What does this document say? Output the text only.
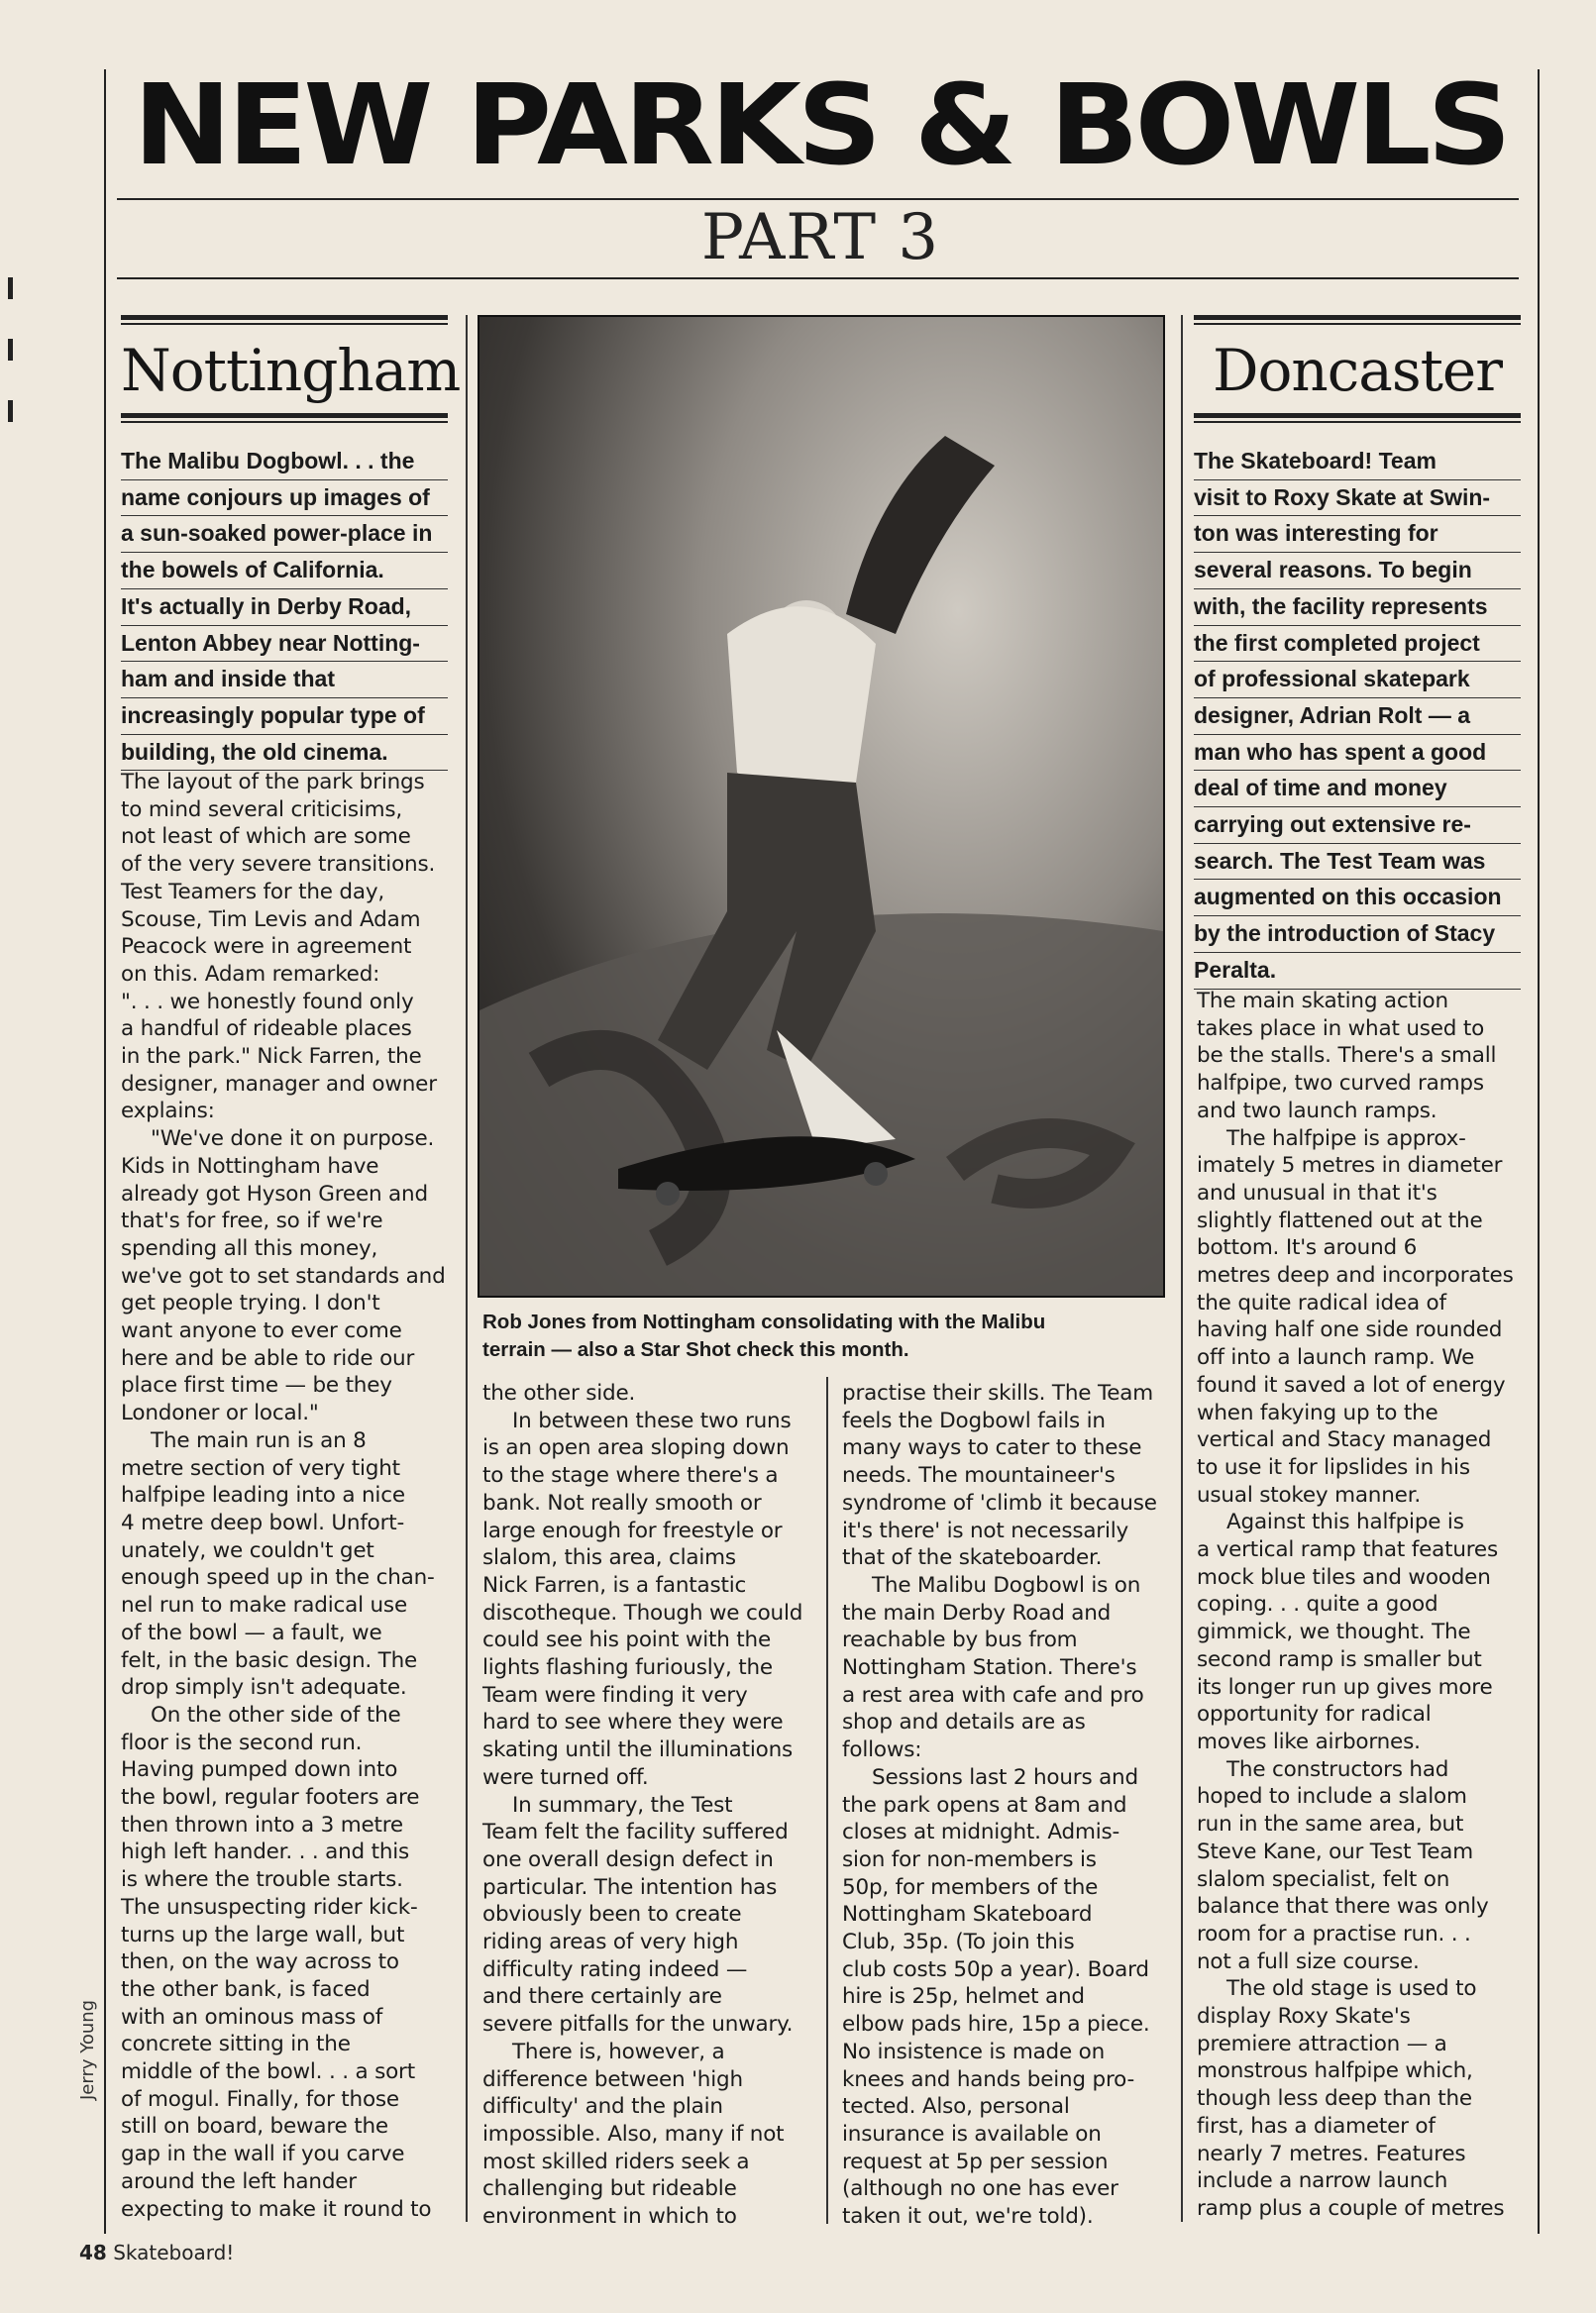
NEW PARKS & BOWLS
PART 3
Nottingham

The Malibu Dogbowl. . . the

name conjours up images of

a sun-soaked power-place in

the bowels of California.

It's actually in Derby Road,

Lenton Abbey near Notting-

ham and inside that

increasingly popular type of

building, the old cinema.

The layout of the park brings
to mind several criticisims,
not least of which are some
of the very severe transitions.
Test Teamers for the day,
Scouse, Tim Levis and Adam
Peacock were in agreement
on this. Adam remarked:
". . . we honestly found only
a handful of rideable places
in the park." Nick Farren, the
designer, manager and owner
explains:
"We've done it on purpose.
Kids in Nottingham have
already got Hyson Green and
that's for free, so if we're
spending all this money,
we've got to set standards and
get people trying. I don't
want anyone to ever come
here and be able to ride our
place first time — be they
Londoner or local."
The main run is an 8
metre section of very tight
halfpipe leading into a nice
4 metre deep bowl. Unfort-
unately, we couldn't get
enough speed up in the chan-
nel run to make radical use
of the bowl — a fault, we
felt, in the basic design. The
drop simply isn't adequate.
On the other side of the
floor is the second run.
Having pumped down into
the bowl, regular footers are
then thrown into a 3 metre
high left hander. . . and this
is where the trouble starts.
The unsuspecting rider kick-
turns up the large wall, but
then, on the way across to
the other bank, is faced
with an ominous mass of
concrete sitting in the
middle of the bowl. . . a sort
of mogul. Finally, for those
still on board, beware the
gap in the wall if you carve
around the left hander
expecting to make it round to
Rob Jones from Nottingham consolidating with the Malibu
terrain — also a Star Shot check this month.
the other side.
In between these two runs
is an open area sloping down
to the stage where there's a
bank. Not really smooth or
large enough for freestyle or
slalom, this area, claims
Nick Farren, is a fantastic
discotheque. Though we could
could see his point with the
lights flashing furiously, the
Team were finding it very
hard to see where they were
skating until the illuminations
were turned off.
In summary, the Test
Team felt the facility suffered
one overall design defect in
particular. The intention has
obviously been to create
riding areas of very high
difficulty rating indeed —
and there certainly are
severe pitfalls for the unwary.
There is, however, a
difference between 'high
difficulty' and the plain
impossible. Also, many if not
most skilled riders seek a
challenging but rideable
environment in which to
practise their skills. The Team
feels the Dogbowl fails in
many ways to cater to these
needs. The mountaineer's
syndrome of 'climb it because
it's there' is not necessarily
that of the skateboarder.
The Malibu Dogbowl is on
the main Derby Road and
reachable by bus from
Nottingham Station. There's
a rest area with cafe and pro
shop and details are as
follows:
Sessions last 2 hours and
the park opens at 8am and
closes at midnight. Admis-
sion for non-members is
50p, for members of the
Nottingham Skateboard
Club, 35p. (To join this
club costs 50p a year). Board
hire is 25p, helmet and
elbow pads hire, 15p a piece.
No insistence is made on
knees and hands being pro-
tected. Also, personal
insurance is available on
request at 5p per session
(although no one has ever
taken it out, we're told).
Doncaster

The Skateboard! Team

visit to Roxy Skate at Swin-

ton was interesting for

several reasons. To begin

with, the facility represents

the first completed project

of professional skatepark

designer, Adrian Rolt — a

man who has spent a good

deal of time and money

carrying out extensive re-

search. The Test Team was

augmented on this occasion

by the introduction of Stacy

Peralta.

The main skating action
takes place in what used to
be the stalls. There's a small
halfpipe, two curved ramps
and two launch ramps.
The halfpipe is approx-
imately 5 metres in diameter
and unusual in that it's
slightly flattened out at the
bottom. It's around 6
metres deep and incorporates
the quite radical idea of
having half one side rounded
off into a launch ramp. We
found it saved a lot of energy
when fakying up to the
vertical and Stacy managed
to use it for lipslides in his
usual stokey manner.
Against this halfpipe is
a vertical ramp that features
mock blue tiles and wooden
coping. . . quite a good
gimmick, we thought. The
second ramp is smaller but
its longer run up gives more
opportunity for radical
moves like airbornes.
The constructors had
hoped to include a slalom
run in the same area, but
Steve Kane, our Test Team
slalom specialist, felt on
balance that there was only
room for a practise run. . .
not a full size course.
The old stage is used to
display Roxy Skate's
premiere attraction — a
monstrous halfpipe which,
though less deep than the
first, has a diameter of
nearly 7 metres. Features
include a narrow launch
ramp plus a couple of metres
Jerry Young
48 Skateboard!
